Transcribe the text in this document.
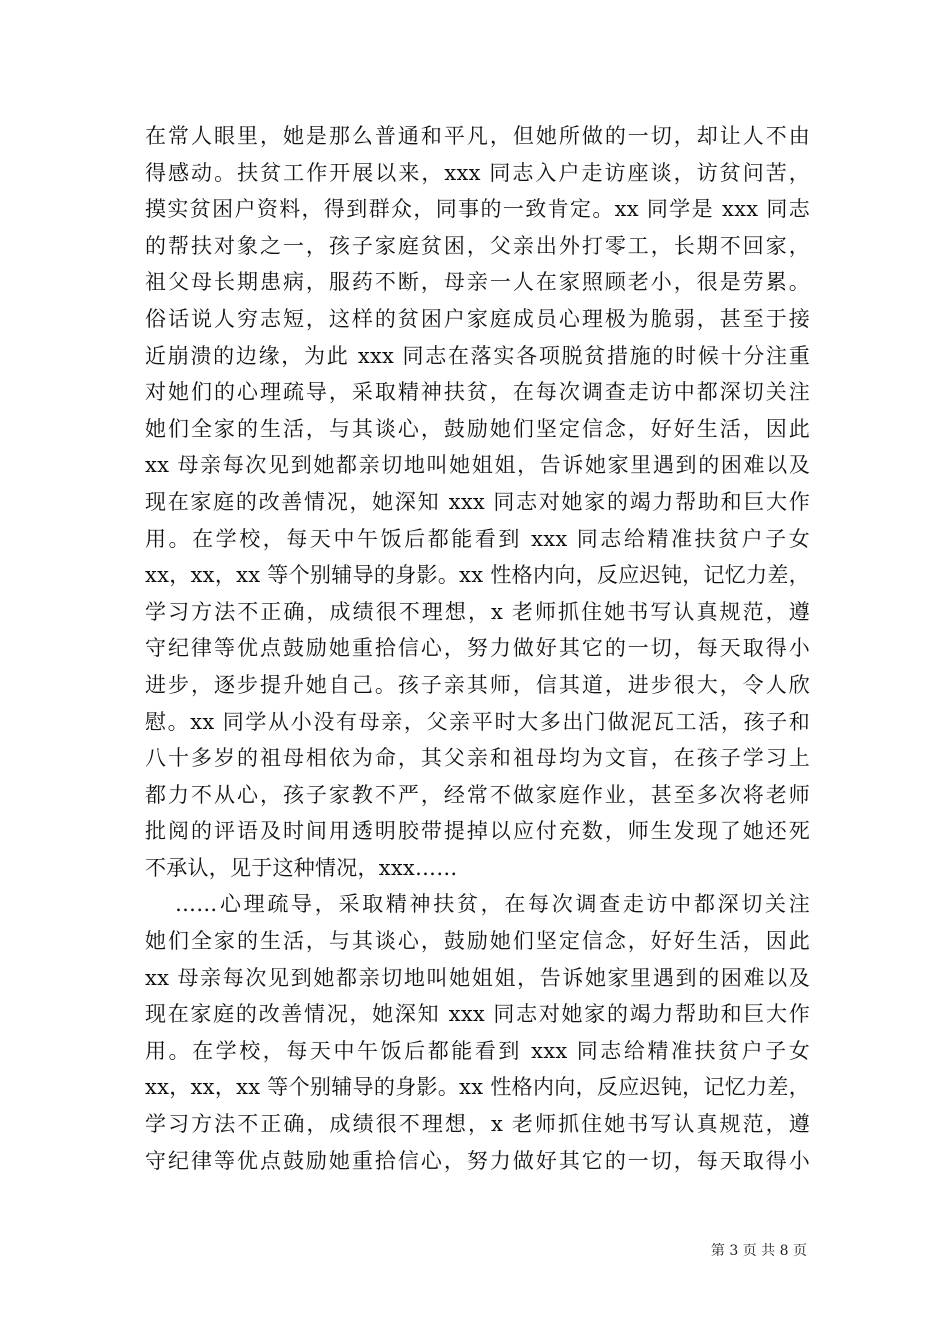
在常人眼里，她是那么普通和平凡，但她所做的一切，却让人不由
得感动。扶贫工作开展以来，xxx 同志入户走访座谈，访贫问苦，
摸实贫困户资料，得到群众，同事的一致肯定。xx 同学是 xxx 同志
的帮扶对象之一，孩子家庭贫困，父亲出外打零工，长期不回家，
祖父母长期患病，服药不断，母亲一人在家照顾老小，很是劳累。
俗话说人穷志短，这样的贫困户家庭成员心理极为脆弱，甚至于接
近崩溃的边缘，为此 xxx 同志在落实各项脱贫措施的时候十分注重
对她们的心理疏导，采取精神扶贫，在每次调查走访中都深切关注
她们全家的生活，与其谈心，鼓励她们坚定信念，好好生活，因此
xx 母亲每次见到她都亲切地叫她姐姐，告诉她家里遇到的困难以及
现在家庭的改善情况，她深知 xxx 同志对她家的竭力帮助和巨大作
用。在学校，每天中午饭后都能看到 xxx 同志给精准扶贫户子女
xx，xx，xx 等个别辅导的身影。xx 性格内向，反应迟钝，记忆力差，
学习方法不正确，成绩很不理想，x 老师抓住她书写认真规范，遵
守纪律等优点鼓励她重拾信心，努力做好其它的一切，每天取得小
进步，逐步提升她自己。孩子亲其师，信其道，进步很大，令人欣
慰。xx 同学从小没有母亲，父亲平时大多出门做泥瓦工活，孩子和
八十多岁的祖母相依为命，其父亲和祖母均为文盲，在孩子学习上
都力不从心，孩子家教不严，经常不做家庭作业，甚至多次将老师
批阅的评语及时间用透明胶带提掉以应付充数，师生发现了她还死
不承认，见于这种情况，xxx……
……心理疏导，采取精神扶贫，在每次调查走访中都深切关注
她们全家的生活，与其谈心，鼓励她们坚定信念，好好生活，因此
xx 母亲每次见到她都亲切地叫她姐姐，告诉她家里遇到的困难以及
现在家庭的改善情况，她深知 xxx 同志对她家的竭力帮助和巨大作
用。在学校，每天中午饭后都能看到 xxx 同志给精准扶贫户子女
xx，xx，xx 等个别辅导的身影。xx 性格内向，反应迟钝，记忆力差，
学习方法不正确，成绩很不理想，x 老师抓住她书写认真规范，遵
守纪律等优点鼓励她重拾信心，努力做好其它的一切，每天取得小
第 3 页 共 8 页
